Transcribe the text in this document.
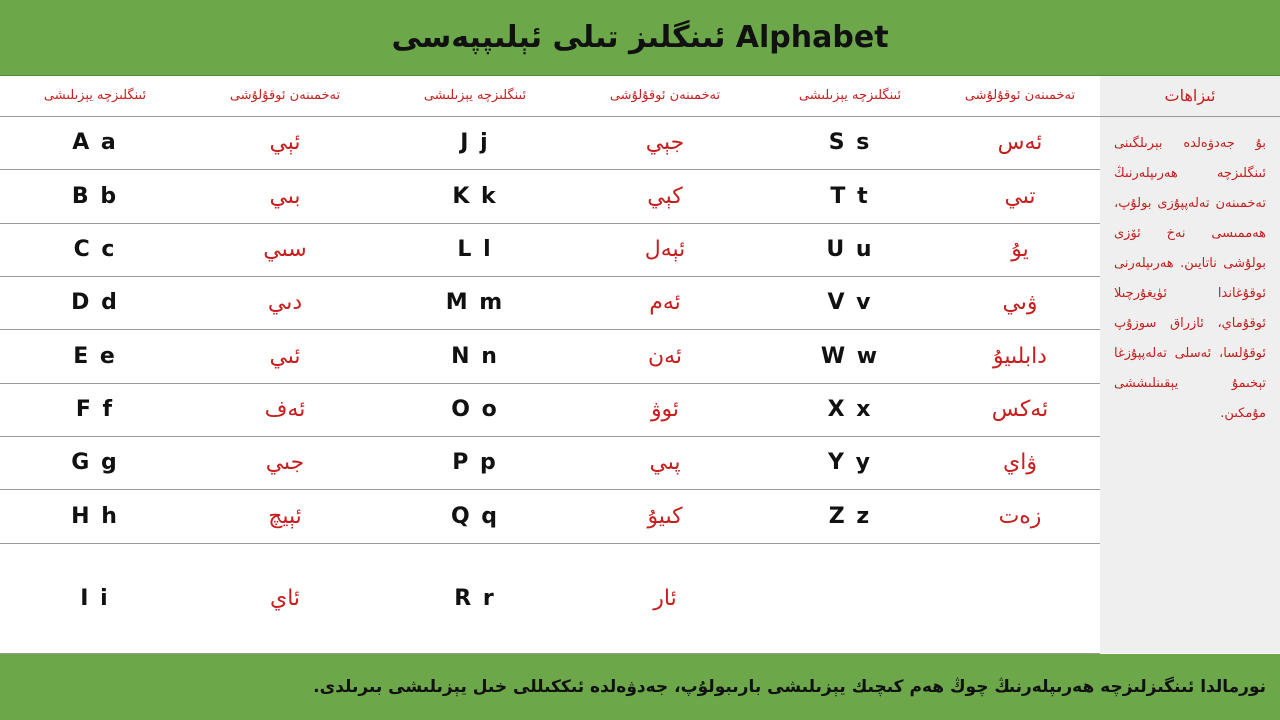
ئىنگلىز تىلى ئېلىپپەسى Alphabet
ئىنگلىزچە يېزىلىشى	تەخمىنەن ئوقۇلۇشى	ئىنگلىزچە يېزىلىشى	تەخمىنەن ئوقۇلۇشى	ئىنگلىزچە يېزىلىشى	تەخمىنەن ئوقۇلۇشى
A a	ئېي	J j	جېي	S s	ئەس
B b	بىي	K k	كېي	T t	تىي
C c	سىي	L l	ئېەل	U u	يۇ
D d	دىي	M m	ئەم	V v	ۋىي
E e	ئىي	N n	ئەن	W w	دابلىيۇ
F f	ئەف	O o	ئوۋ	X x	ئەكس
G g	جىي	P p	پىي	Y y	ۋاي
H h	ئېيچ	Q q	كىيۇ	Z z	زەت
I i	ئاي	R r	ئار
ئىزاھات
بۇ جەدۋەلدە بېرىلگىنى ئىنگلىزچە ھەرىپلەرنىڭ تەخمىنەن تەلەپپۇزى بولۇپ، ھەممىسى نەخ ئۆزى بولۇشى ناتايىن. ھەرىپلەرنى ئوقۇغاندا ئۈيغۇرچىلا ئوقۇماي، ئازراق سوزۇپ ئوقۇلسا، ئەسلى تەلەپپۇزغا تېخىمۇ يېقىنلىششى مۇمكىن.

نورمالدا ئىنگىزلىزچە ھەرىپلەرنىڭ چوڭ ھەم كىچىك يېزىلىشى بارىبولۇپ، جەدۋەلدە ئىككىللى خىل يېزىلىشى بىرىلدى.
